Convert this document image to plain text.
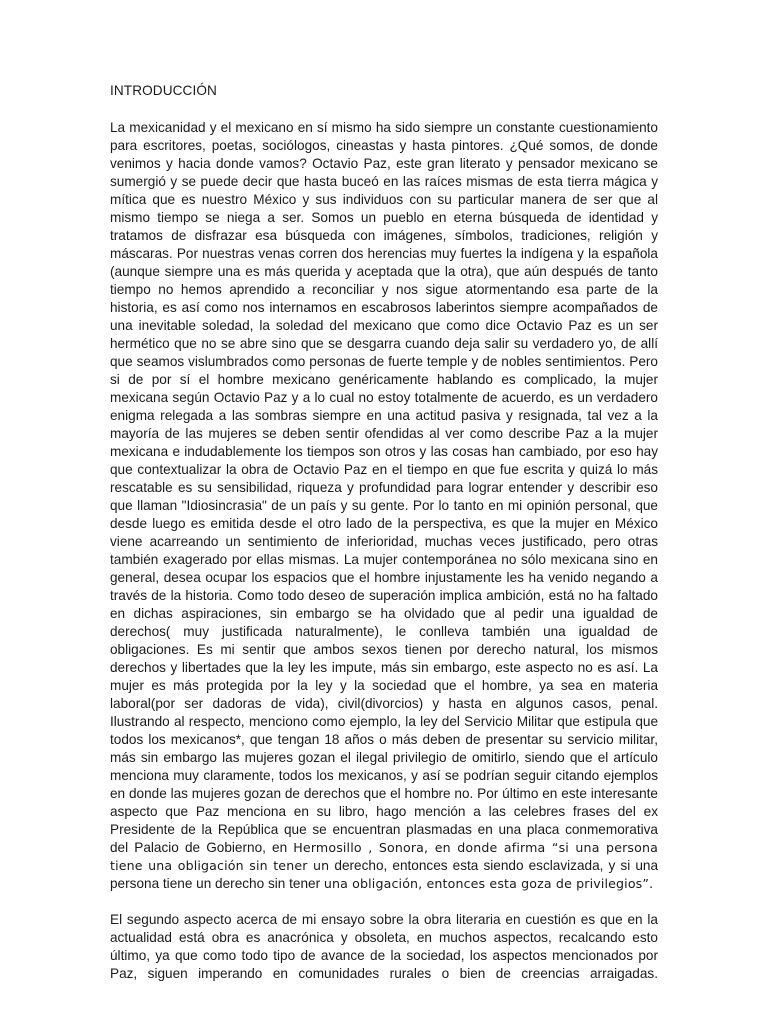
INTRODUCCIÓN

La mexicanidad y el mexicano en sí mismo ha sido siempre un constante cuestionamiento para escritores, poetas, sociólogos, cineastas y hasta pintores. ¿Qué somos, de donde venimos y hacia donde vamos? Octavio Paz, este gran literato y pensador mexicano se sumergió y se puede decir que hasta buceó en las raíces mismas de esta tierra mágica y mítica que es nuestro México y sus individuos con su particular manera de ser que al mismo tiempo se niega a ser. Somos un pueblo en eterna búsqueda de identidad y tratamos de disfrazar esa búsqueda con imágenes, símbolos, tradiciones, religión y máscaras. Por nuestras venas corren dos herencias muy fuertes la indígena y la española (aunque siempre una es más querida y aceptada que la otra), que aún después de tanto tiempo no hemos aprendido a reconciliar y nos sigue atormentando esa parte de la historia, es así como nos internamos en escabrosos laberintos siempre acompañados de una inevitable soledad, la soledad del mexicano que como dice Octavio Paz es un ser hermético que no se abre sino que se desgarra cuando deja salir su verdadero yo, de allí que seamos vislumbrados como personas de fuerte temple y de nobles sentimientos. Pero si de por sí el hombre mexicano genéricamente hablando es complicado, la mujer mexicana según Octavio Paz y a lo cual no estoy totalmente de acuerdo, es un verdadero enigma relegada a las sombras siempre en una actitud pasiva y resignada, tal vez a la mayoría de las mujeres se deben sentir ofendidas al ver como describe Paz a la mujer mexicana e indudablemente los tiempos son otros y las cosas han cambiado, por eso hay que contextualizar la obra de Octavio Paz en el tiempo en que fue escrita y quizá lo más rescatable es su sensibilidad, riqueza y profundidad para lograr entender y describir eso que llaman "Idiosincrasia" de un país y su gente. Por lo tanto en mi opinión personal, que desde luego es emitida desde el otro lado de la perspectiva, es que la mujer en México viene acarreando un sentimiento de inferioridad, muchas veces justificado, pero otras también exagerado por ellas mismas. La mujer contemporánea no sólo mexicana sino en general, desea ocupar los espacios que el hombre injustamente les ha venido negando a través de la historia. Como todo deseo de superación implica ambición, está no ha faltado en dichas aspiraciones, sin embargo se ha olvidado que al pedir una igualdad de derechos( muy justificada naturalmente), le conlleva también una igualdad de obligaciones. Es mi sentir que ambos sexos tienen por derecho natural, los mismos derechos y libertades que la ley les impute, más sin embargo, este aspecto no es así. La mujer es más protegida por la ley y la sociedad que el hombre, ya sea en materia laboral(por ser dadoras de vida), civil(divorcios) y hasta en algunos casos, penal. Ilustrando al respecto, menciono como ejemplo, la ley del Servicio Militar que estipula que todos los mexicanos*, que tengan 18 años o más deben de presentar su servicio militar, más sin embargo las mujeres gozan el ilegal privilegio de omitirlo, siendo que el artículo menciona muy claramente, todos los mexicanos, y así se podrían seguir citando ejemplos en donde las mujeres gozan de derechos que el hombre no. Por último en este interesante aspecto que Paz menciona en su libro, hago mención a las celebres frases del ex Presidente de la República que se encuentran plasmadas en una placa conmemorativa del Palacio de Gobierno, en Hermosillo , Sonora, en donde afirma “si una persona tiene una obligación sin tener un derecho, entonces esta siendo esclavizada, y si una persona tiene un derecho sin tener una obligación, entonces esta goza de privilegios”.

El segundo aspecto acerca de mi ensayo sobre la obra literaria en cuestión es que en la actualidad está obra es anacrónica y obsoleta, en muchos aspectos, recalcando esto último, ya que como todo tipo de avance de la sociedad, los aspectos mencionados por Paz, siguen imperando en comunidades rurales o bien de creencias arraigadas.
